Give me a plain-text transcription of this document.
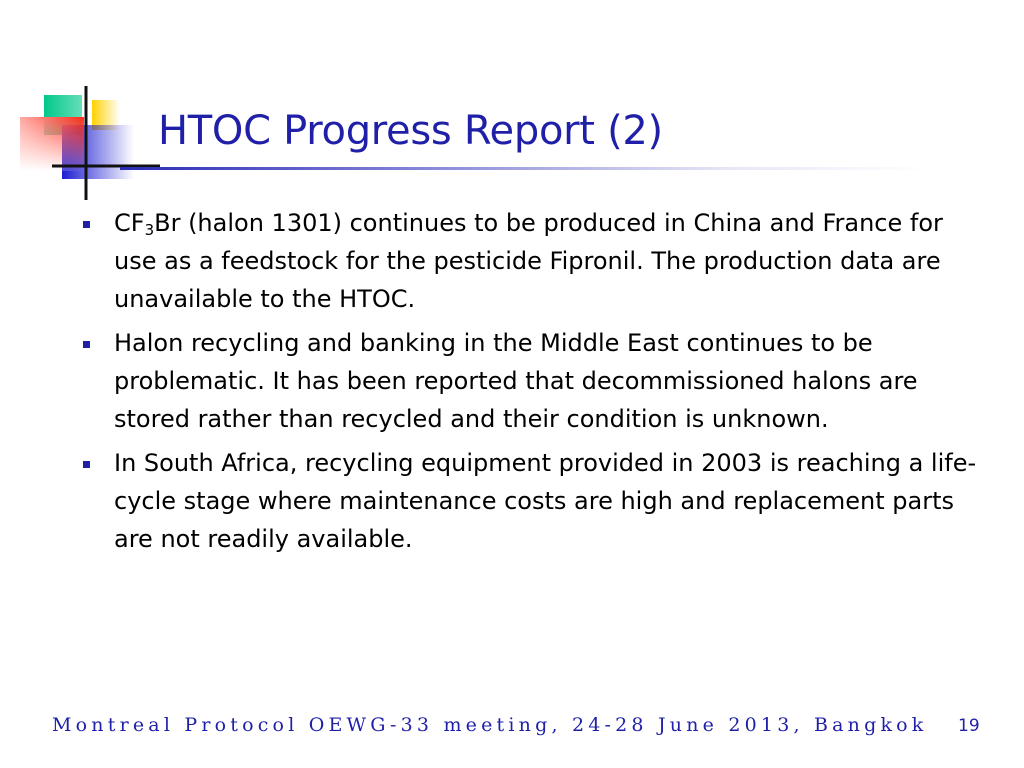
HTOC Progress Report (2)
$CF_3Br$ (halon 1301) continues to be produced in China and France for use as a feedstock for the pesticide Fipronil. The production data are unavailable to the HTOC.
Halon recycling and banking in the Middle East continues to be problematic. It has been reported that decommissioned halons are stored rather than recycled and their condition is unknown.
In South Africa, recycling equipment provided in 2003 is reaching a life-cycle stage where maintenance costs are high and replacement parts are not readily available.
Montreal Protocol OEWG-33 meeting, 24-28 June 2013, Bangkok 19
